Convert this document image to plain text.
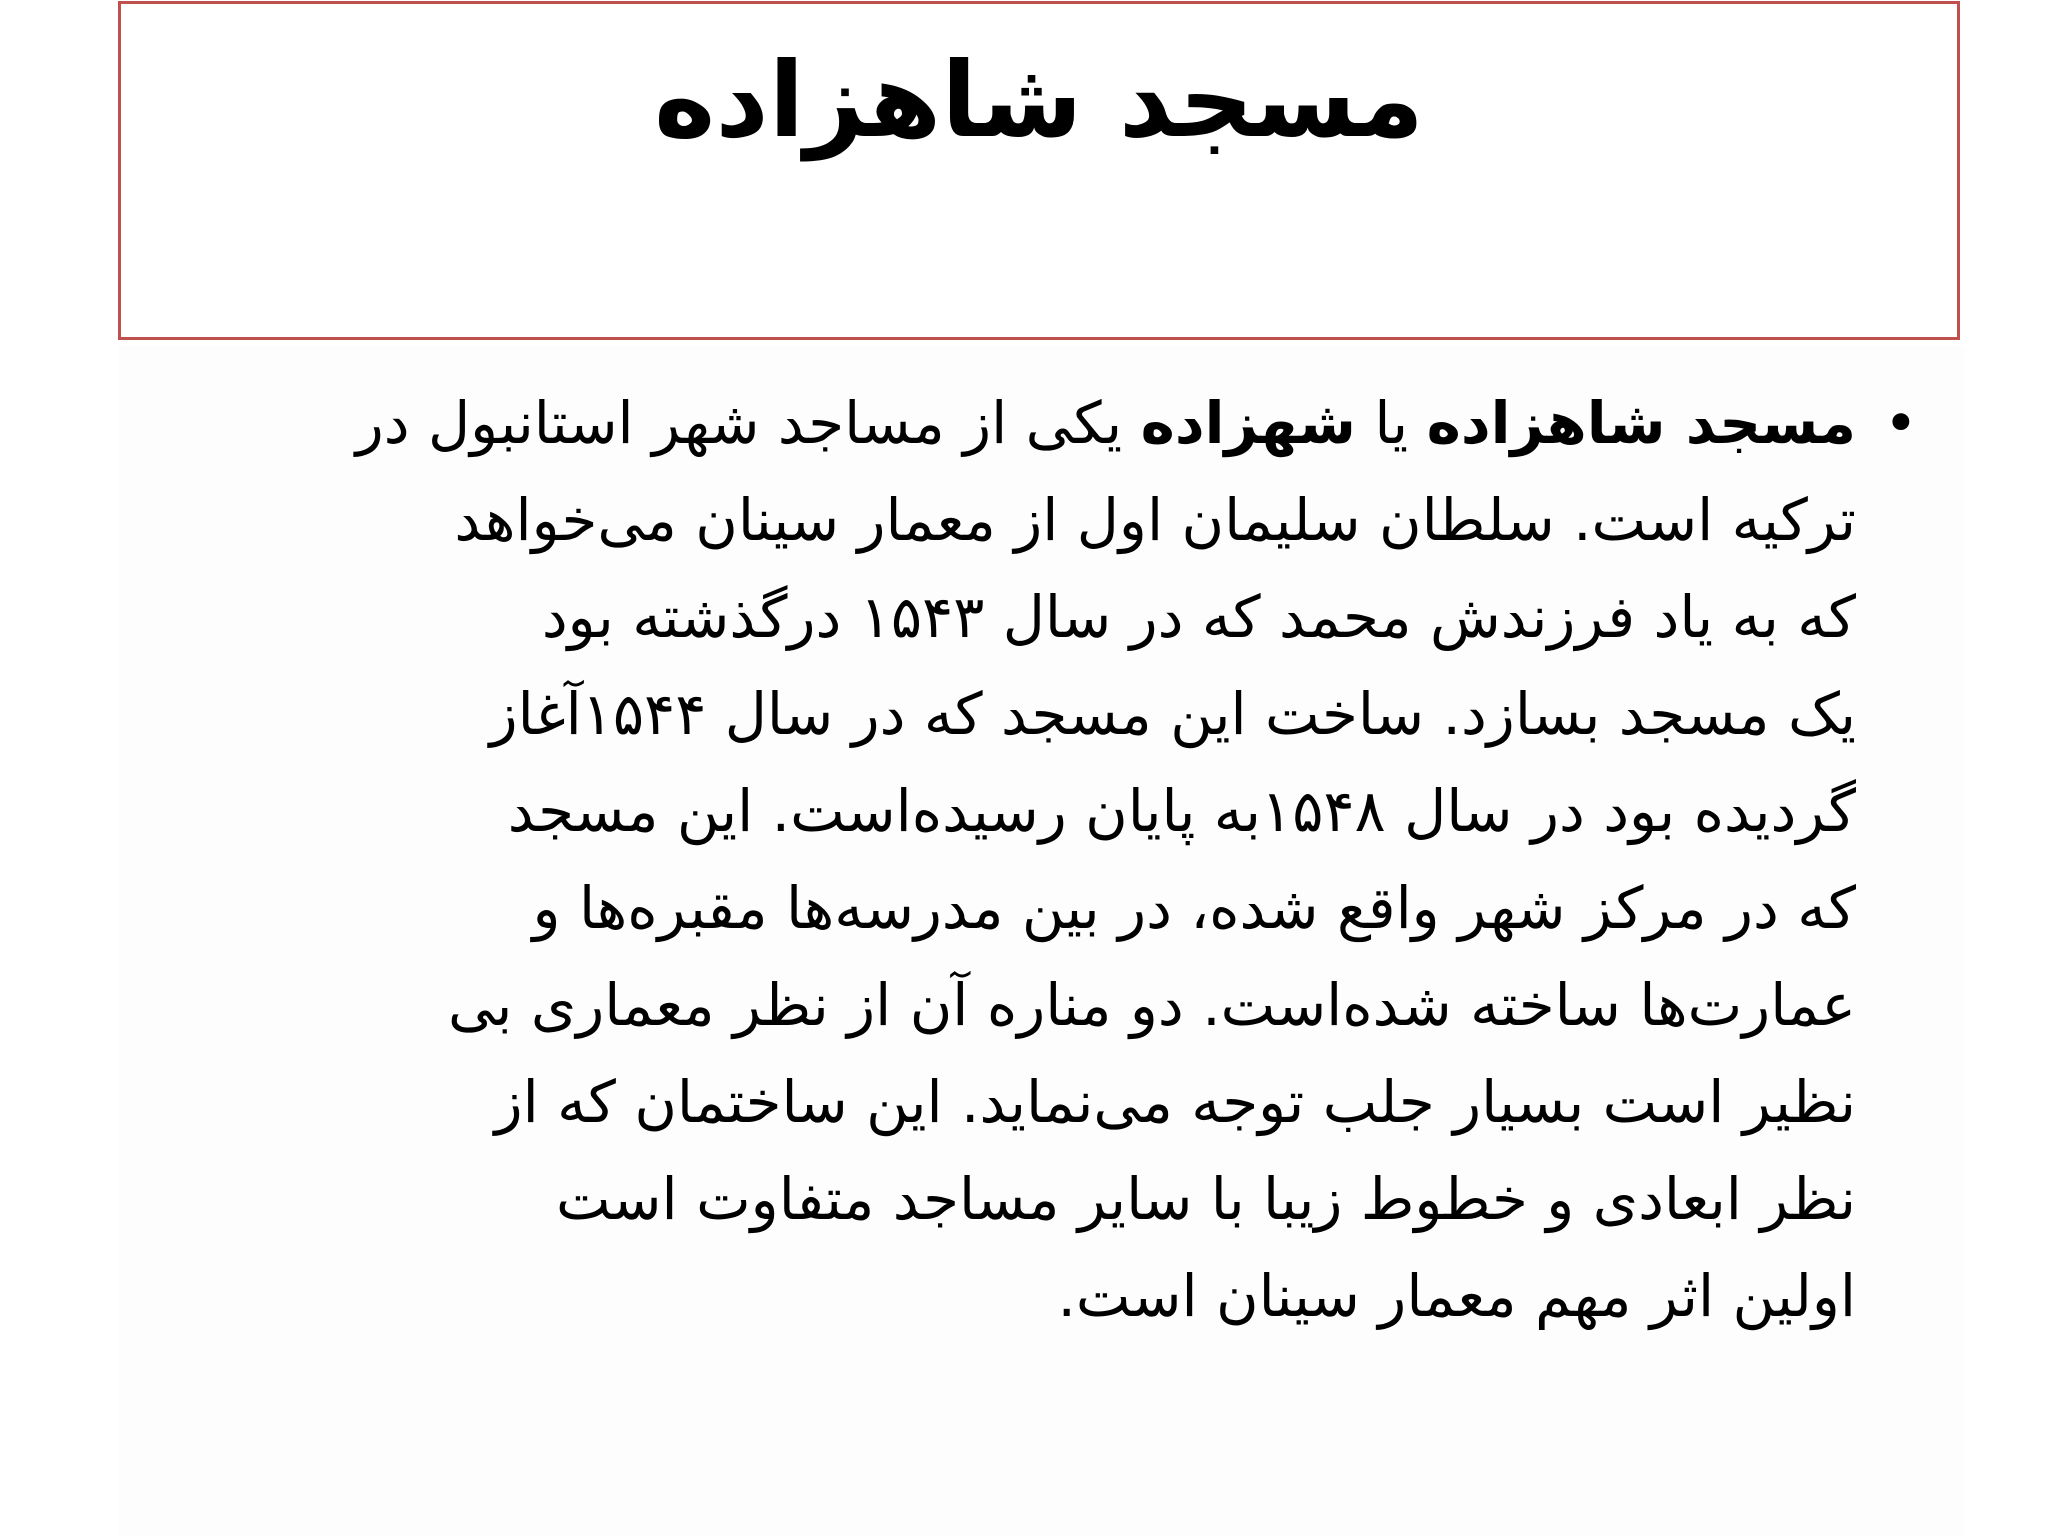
مسجد شاهزاده
•
مسجد شاهزاده یا شهزاده یکی از مساجد شهر استانبول در
ترکیه است. سلطان سلیمان اول از معمار سینان می‌خواهد
که به یاد فرزندش محمد که در سال ۱۵۴۳ درگذشته بود
یک مسجد بسازد. ساخت این مسجد که در سال ۱۵۴۴آغاز
گردیده بود در سال ۱۵۴۸به پایان رسیده‌است. این مسجد
که در مرکز شهر واقع شده، در بین مدرسه‌ها مقبره‌ها و
عمارت‌ها ساخته شده‌است. دو مناره آن از نظر معماری بی
نظیر است بسیار جلب توجه می‌نماید. این ساختمان که از
نظر ابعادی و خطوط زیبا با سایر مساجد متفاوت است
اولین اثر مهم معمار سینان است.
